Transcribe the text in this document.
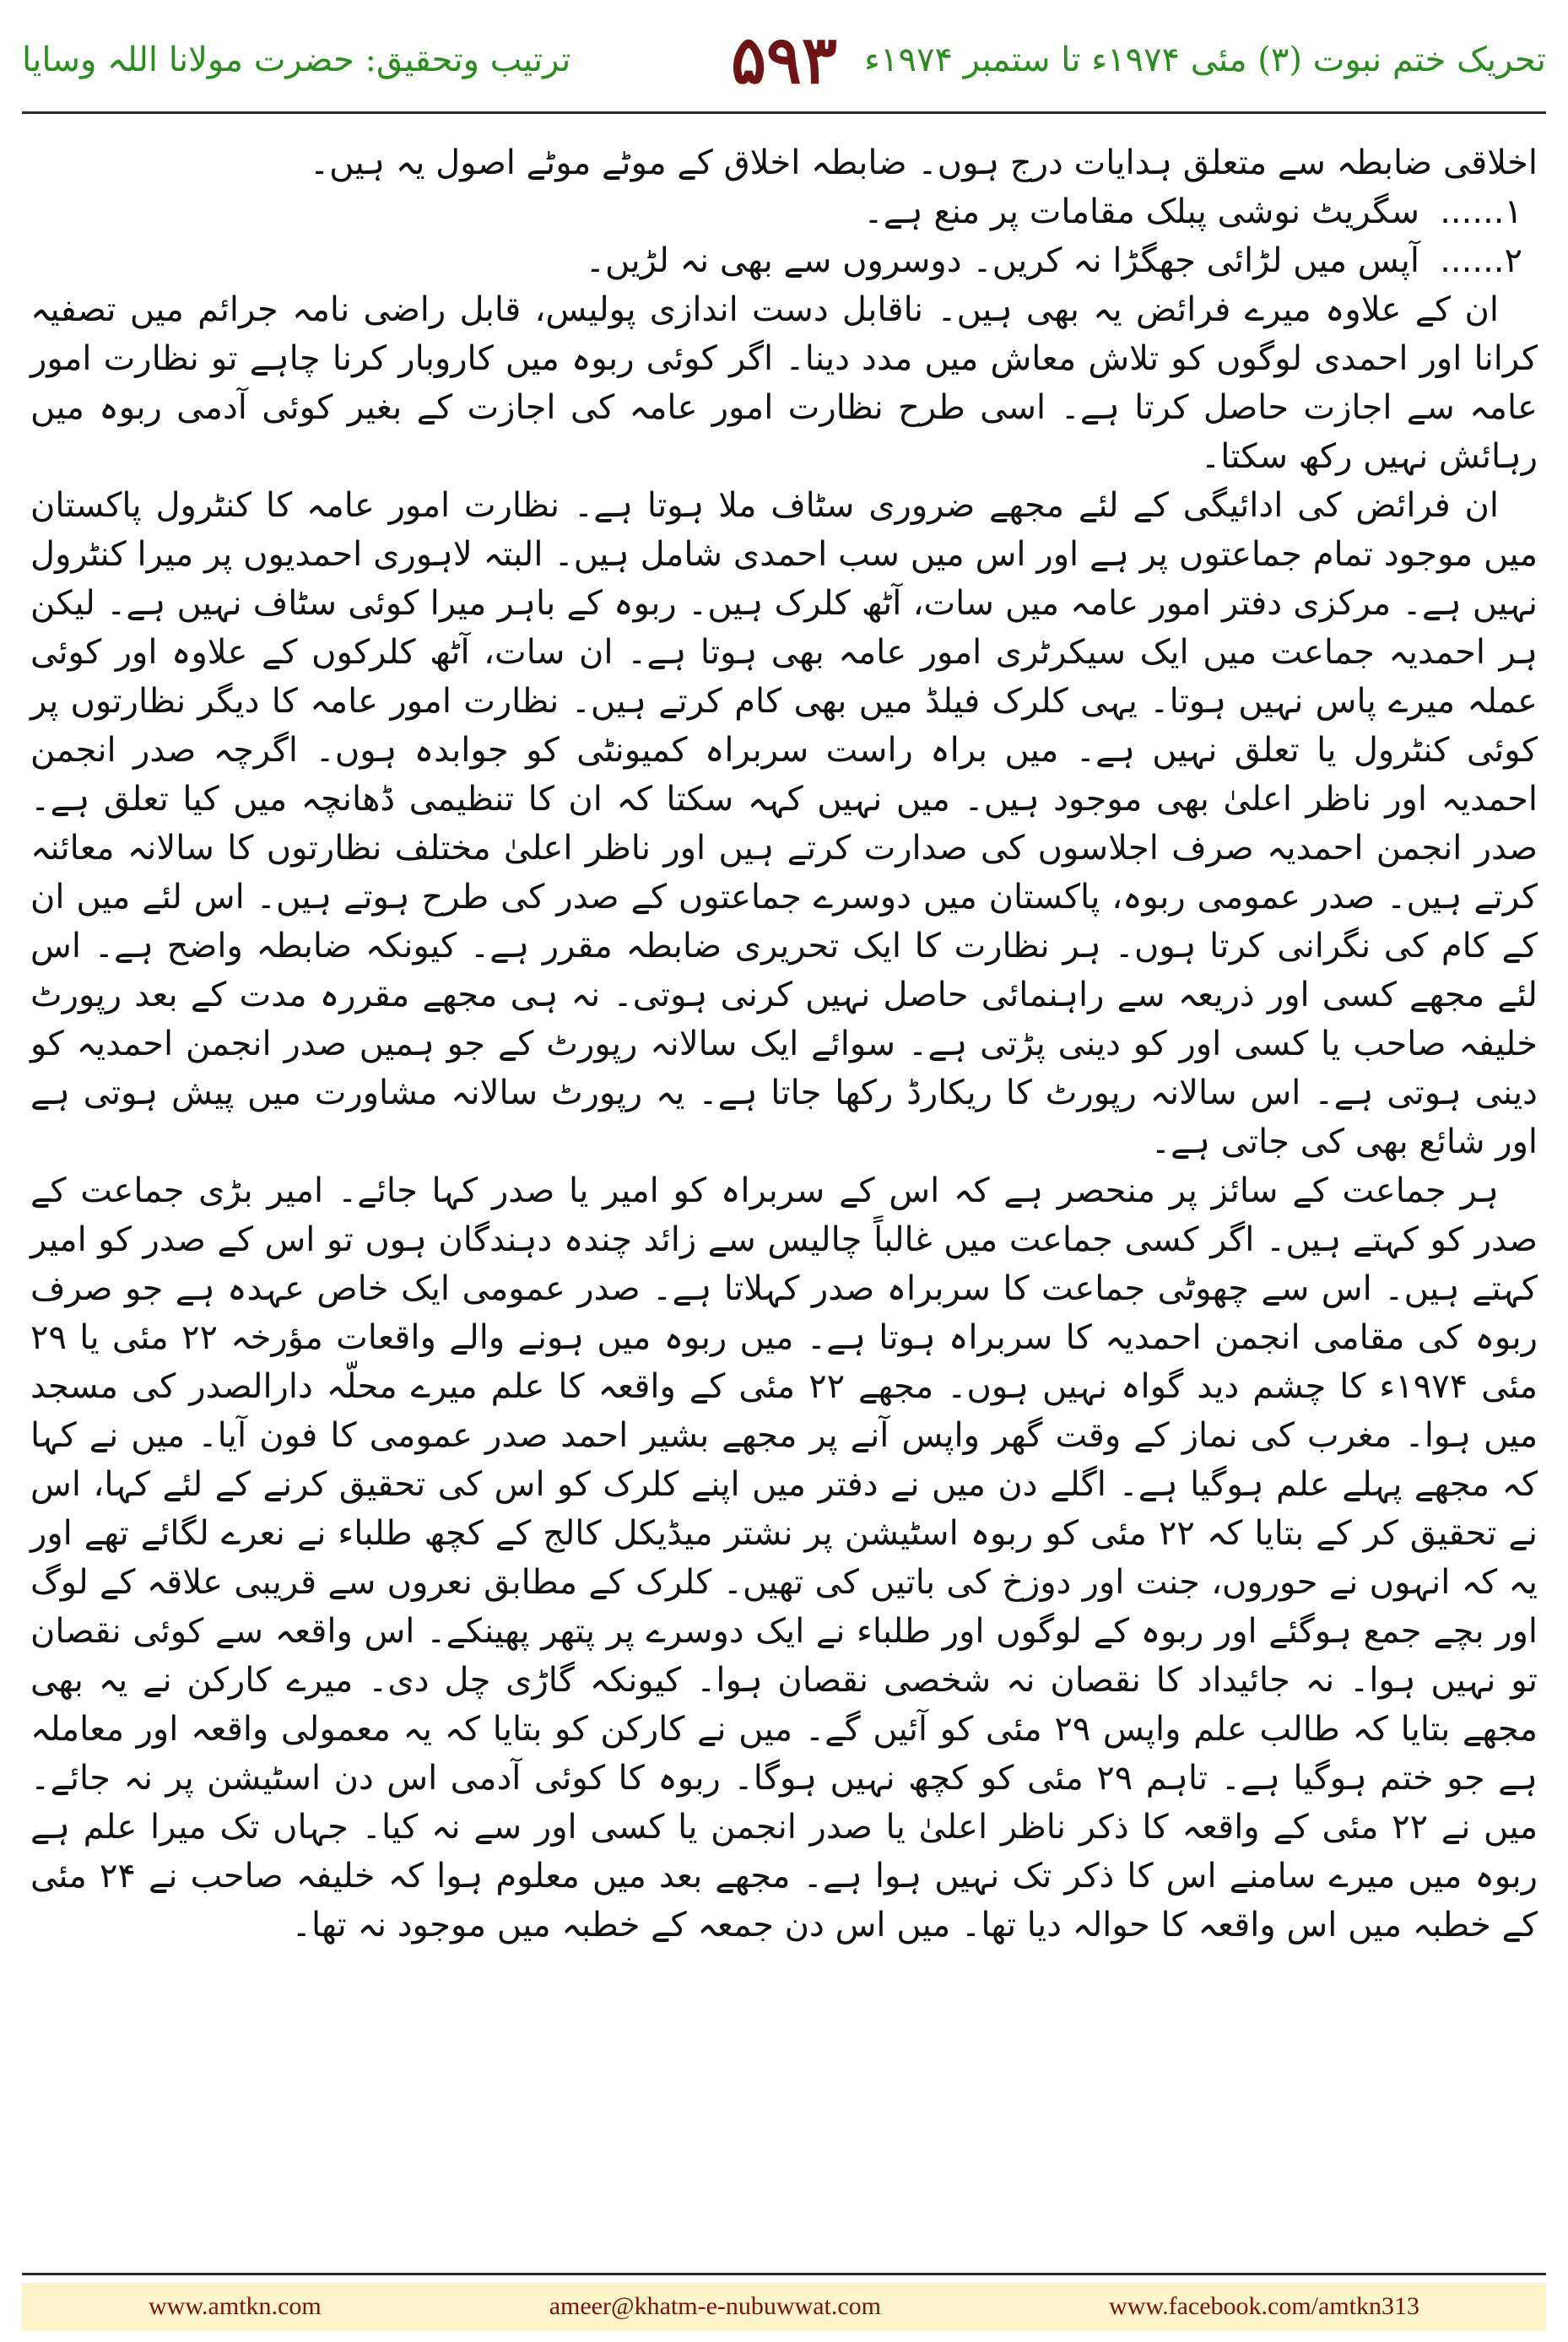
تحریک ختم نبوت (۳) مئی ۱۹۷۴ء تا ستمبر ۱۹۷۴ء
۵۹۳
ترتیب وتحقیق: حضرت مولانا اللہ وسایا

اخلاقی ضابطہ سے متعلق ہدایات درج ہوں۔ ضابطہ اخلاق کے موٹے موٹے اصول یہ ہیں۔

۱......
سگریٹ نوشی پبلک مقامات پر منع ہے۔
۲......
آپس میں لڑائی جھگڑا نہ کریں۔ دوسروں سے بھی نہ لڑیں۔

ان کے علاوہ میرے فرائض یہ بھی ہیں۔ ناقابل دست اندازی پولیس، قابل راضی نامہ جرائم میں تصفیہ کرانا اور احمدی لوگوں کو تلاش معاش میں مدد دینا۔ اگر کوئی ربوہ میں کاروبار کرنا چاہے تو نظارت امور عامہ سے اجازت حاصل کرتا ہے۔ اسی طرح نظارت امور عامہ کی اجازت کے بغیر کوئی آدمی ربوہ میں رہائش نہیں رکھ سکتا۔

ان فرائض کی ادائیگی کے لئے مجھے ضروری سٹاف ملا ہوتا ہے۔ نظارت امور عامہ کا کنٹرول پاکستان میں موجود تمام جماعتوں پر ہے اور اس میں سب احمدی شامل ہیں۔ البتہ لاہوری احمدیوں پر میرا کنٹرول نہیں ہے۔ مرکزی دفتر امور عامہ میں سات، آٹھ کلرک ہیں۔ ربوہ کے باہر میرا کوئی سٹاف نہیں ہے۔ لیکن ہر احمدیہ جماعت میں ایک سیکرٹری امور عامہ بھی ہوتا ہے۔ ان سات، آٹھ کلرکوں کے علاوہ اور کوئی عملہ میرے پاس نہیں ہوتا۔ یہی کلرک فیلڈ میں بھی کام کرتے ہیں۔ نظارت امور عامہ کا دیگر نظارتوں پر کوئی کنٹرول یا تعلق نہیں ہے۔ میں براہ راست سربراہ کمیونٹی کو جوابدہ ہوں۔ اگرچہ صدر انجمن احمدیہ اور ناظر اعلیٰ بھی موجود ہیں۔ میں نہیں کہہ سکتا کہ ان کا تنظیمی ڈھانچہ میں کیا تعلق ہے۔ صدر انجمن احمدیہ صرف اجلاسوں کی صدارت کرتے ہیں اور ناظر اعلیٰ مختلف نظارتوں کا سالانہ معائنہ کرتے ہیں۔ صدر عمومی ربوہ، پاکستان میں دوسرے جماعتوں کے صدر کی طرح ہوتے ہیں۔ اس لئے میں ان کے کام کی نگرانی کرتا ہوں۔ ہر نظارت کا ایک تحریری ضابطہ مقرر ہے۔ کیونکہ ضابطہ واضح ہے۔ اس لئے مجھے کسی اور ذریعہ سے راہنمائی حاصل نہیں کرنی ہوتی۔ نہ ہی مجھے مقررہ مدت کے بعد رپورٹ خلیفہ صاحب یا کسی اور کو دینی پڑتی ہے۔ سوائے ایک سالانہ رپورٹ کے جو ہمیں صدر انجمن احمدیہ کو دینی ہوتی ہے۔ اس سالانہ رپورٹ کا ریکارڈ رکھا جاتا ہے۔ یہ رپورٹ سالانہ مشاورت میں پیش ہوتی ہے اور شائع بھی کی جاتی ہے۔

ہر جماعت کے سائز پر منحصر ہے کہ اس کے سربراہ کو امیر یا صدر کہا جائے۔ امیر بڑی جماعت کے صدر کو کہتے ہیں۔ اگر کسی جماعت میں غالباً چالیس سے زائد چندہ دہندگان ہوں تو اس کے صدر کو امیر کہتے ہیں۔ اس سے چھوٹی جماعت کا سربراہ صدر کہلاتا ہے۔ صدر عمومی ایک خاص عہدہ ہے جو صرف ربوہ کی مقامی انجمن احمدیہ کا سربراہ ہوتا ہے۔ میں ربوہ میں ہونے والے واقعات مؤرخہ ۲۲ مئی یا ۲۹ مئی ۱۹۷۴ء کا چشم دید گواہ نہیں ہوں۔ مجھے ۲۲ مئی کے واقعہ کا علم میرے محلّہ دارالصدر کی مسجد میں ہوا۔ مغرب کی نماز کے وقت گھر واپس آنے پر مجھے بشیر احمد صدر عمومی کا فون آیا۔ میں نے کہا کہ مجھے پہلے علم ہوگیا ہے۔ اگلے دن میں نے دفتر میں اپنے کلرک کو اس کی تحقیق کرنے کے لئے کہا، اس نے تحقیق کر کے بتایا کہ ۲۲ مئی کو ربوہ اسٹیشن پر نشتر میڈیکل کالج کے کچھ طلباء نے نعرے لگائے تھے اور یہ کہ انہوں نے حوروں، جنت اور دوزخ کی باتیں کی تھیں۔ کلرک کے مطابق نعروں سے قریبی علاقہ کے لوگ اور بچے جمع ہوگئے اور ربوہ کے لوگوں اور طلباء نے ایک دوسرے پر پتھر پھینکے۔ اس واقعہ سے کوئی نقصان تو نہیں ہوا۔ نہ جائیداد کا نقصان نہ شخصی نقصان ہوا۔ کیونکہ گاڑی چل دی۔ میرے کارکن نے یہ بھی مجھے بتایا کہ طالب علم واپس ۲۹ مئی کو آئیں گے۔ میں نے کارکن کو بتایا کہ یہ معمولی واقعہ اور معاملہ ہے جو ختم ہوگیا ہے۔ تاہم ۲۹ مئی کو کچھ نہیں ہوگا۔ ربوہ کا کوئی آدمی اس دن اسٹیشن پر نہ جائے۔ میں نے ۲۲ مئی کے واقعہ کا ذکر ناظر اعلیٰ یا صدر انجمن یا کسی اور سے نہ کیا۔ جہاں تک میرا علم ہے ربوہ میں میرے سامنے اس کا ذکر تک نہیں ہوا ہے۔ مجھے بعد میں معلوم ہوا کہ خلیفہ صاحب نے ۲۴ مئی کے خطبہ میں اس واقعہ کا حوالہ دیا تھا۔ میں اس دن جمعہ کے خطبہ میں موجود نہ تھا۔

www.amtkn.com	ameer@khatm-e-nubuwwat.com	www.facebook.com/amtkn313
